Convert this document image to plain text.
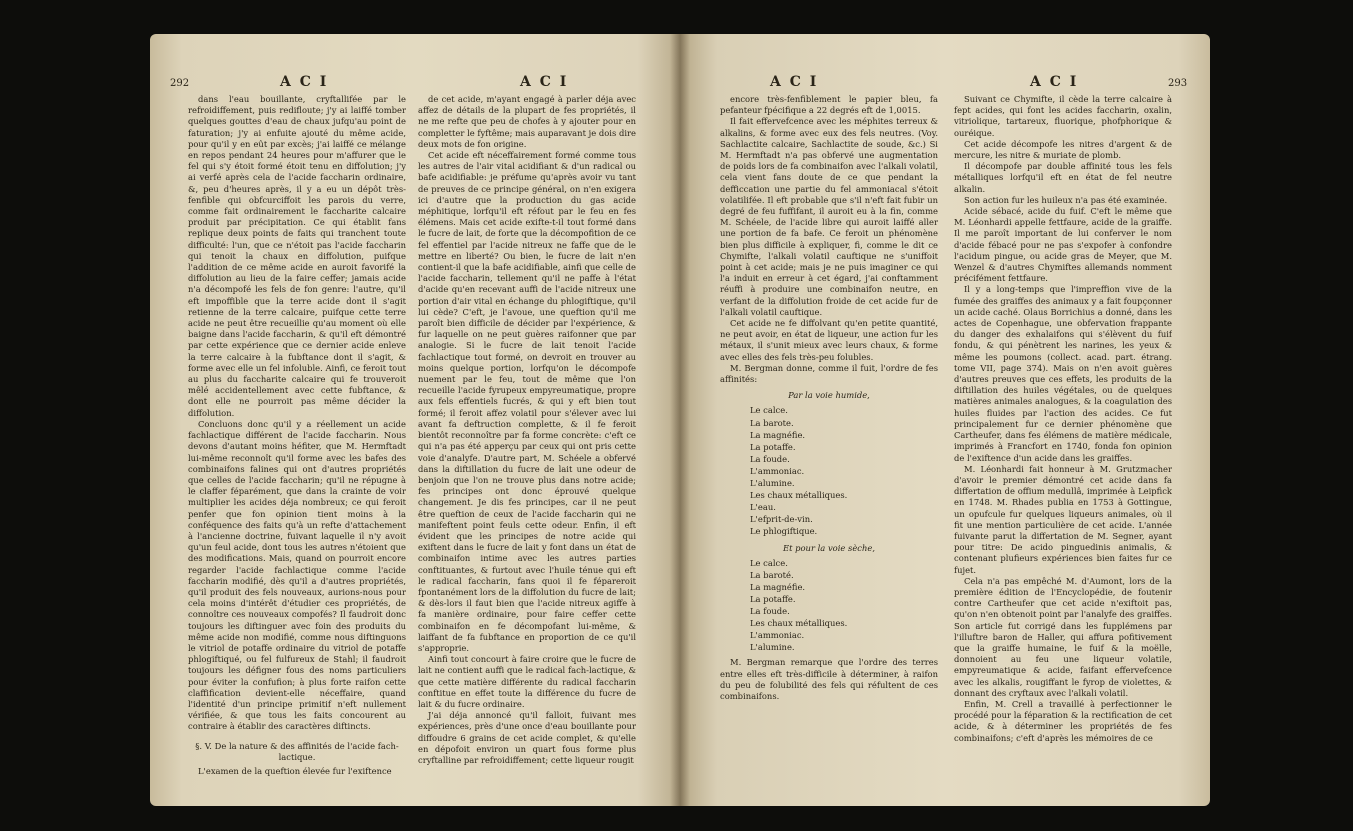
292	A C I	A C I

dans l'eau bouillante, cryftallifée par le refroidiffement, puis redifloute; j'y ai laiffé tomber quelques gouttes d'eau de chaux jufqu'au point de faturation; j'y ai enfuite ajouté du même acide, pour qu'il y en eût par excès; j'ai laiffé ce mélange en repos pendant 24 heures pour m'affurer que le fel qui s'y étoit formé étoit tenu en diffolution; j'y ai verfé après cela de l'acide faccharin ordinaire, &, peu d'heures après, il y a eu un dépôt très-fenfible qui obfcurciffoit les parois du verre, comme fait ordinairement le faccharite calcaire produit par précipitation. Ce qui établit fans replique deux points de faits qui tranchent toute difficulté: l'un, que ce n'étoit pas l'acide faccharin qui tenoit la chaux en diffolution, puifque l'addition de ce même acide en auroit favorifé la diffolution au lieu de la faire ceffer; jamais acide n'a décompofé les fels de fon genre: l'autre, qu'il eft impoffible que la terre acide dont il s'agit retienne de la terre calcaire, puifque cette terre acide ne peut être recueillie qu'au moment où elle baigne dans l'acide faccharin, & qu'il eft démontré par cette expérience que ce dernier acide enleve la terre calcaire à la fubftance dont il s'agit, & forme avec elle un fel infoluble. Ainfi, ce feroit tout au plus du faccharite calcaire qui fe trouveroit mêlé accidentellement avec cette fubftance, & dont elle ne pourroit pas même décider la diffolution.

Concluons donc qu'il y a réellement un acide fachlactique différent de l'acide faccharin. Nous devons d'autant moins héfiter, que M. Hermftadt lui-même reconnoît qu'il forme avec les bafes des combinaifons falines qui ont d'autres propriétés que celles de l'acide faccharin; qu'il ne répugne à le claffer féparément, que dans la crainte de voir multiplier les acides déja nombreux; ce qui feroit penfer que fon opinion tient moins à la conféquence des faits qu'à un refte d'attachement à l'ancienne doctrine, fuivant laquelle il n'y avoit qu'un feul acide, dont tous les autres n'étoient que des modifications. Mais, quand on pourroit encore regarder l'acide fachlactique comme l'acide faccharin modifié, dès qu'il a d'autres propriétés, qu'il produit des fels nouveaux, aurions-nous pour cela moins d'intérêt d'étudier ces propriétés, de connoître ces nouveaux compofés? Il faudroit donc toujours les diftinguer avec foin des produits du même acide non modifié, comme nous diftinguons le vitriol de potaffe ordinaire du vitriol de potaffe phlogiftiqué, ou fel fulfureux de Stahl; il faudroit toujours les défigner fous des noms particuliers pour éviter la confufion; à plus forte raifon cette claffification devient-elle néceffaire, quand l'identité d'un principe primitif n'eft nullement vérifiée, & que tous les faits concourent au contraire à établir des caractères diftincts.

§. V. De la nature & des affinités de l'acide fach-lactique.

L'examen de la queftion élevée fur l'exiftence

de cet acide, m'ayant engagé à parler déja avec affez de détails de la plupart de fes propriétés, il ne me refte que peu de chofes à y ajouter pour en completter le fyftême; mais auparavant je dois dire deux mots de fon origine.

Cet acide eft néceffairement formé comme tous les autres de l'air vital acidifiant & d'un radical ou bafe acidifiable: je préfume qu'après avoir vu tant de preuves de ce principe général, on n'en exigera ici d'autre que la production du gas acide méphitique, lorfqu'il eft réfout par le feu en fes élémens. Mais cet acide exifte-t-il tout formé dans le fucre de lait, de forte que la décompofition de ce fel effentiel par l'acide nitreux ne faffe que de le mettre en liberté? Ou bien, le fucre de lait n'en contient-il que la bafe acidifiable, ainfi que celle de l'acide faccharin, tellement qu'il ne paffe à l'état d'acide qu'en recevant auffi de l'acide nitreux une portion d'air vital en échange du phlogiftique, qu'il lui cède? C'eft, je l'avoue, une queftion qu'il me paroît bien difficile de décider par l'expérience, & fur laquelle on ne peut guères raifonner que par analogie. Si le fucre de lait tenoit l'acide fachlactique tout formé, on devroit en trouver au moins quelque portion, lorfqu'on le décompofe nuement par le feu, tout de même que l'on recueille l'acide fyrupeux empyreumatique, propre aux fels effentiels fucrés, & qui y eft bien tout formé; il feroit affez volatil pour s'élever avec lui avant fa deftruction complette, & il fe feroit bientôt reconnoître par fa forme concrète: c'eft ce qui n'a pas été apperçu par ceux qui ont pris cette voie d'analyfe. D'autre part, M. Schéele a obfervé dans la diftillation du fucre de lait une odeur de benjoin que l'on ne trouve plus dans notre acide; fes principes ont donc éprouvé quelque changement. Je dis fes principes, car il ne peut être queftion de ceux de l'acide faccharin qui ne manifeftent point feuls cette odeur. Enfin, il eft évident que les principes de notre acide qui exiftent dans le fucre de lait y font dans un état de combinaifon intime avec les autres parties conftituantes, & furtout avec l'huile ténue qui eft le radical faccharin, fans quoi il fe fépareroit fpontanément lors de la diffolution du fucre de lait; & dès-lors il faut bien que l'acide nitreux agiffe à fa manière ordinaire, pour faire ceffer cette combinaifon en fe décompofant lui-même, & laiffant de fa fubftance en proportion de ce qu'il s'approprie.

Ainfi tout concourt à faire croire que le fucre de lait ne contient auffi que le radical fach-lactique, & que cette matière différente du radical faccharin conftitue en effet toute la différence du fucre de lait & du fucre ordinaire.

J'ai déja annoncé qu'il falloit, fuivant mes expériences, près d'une once d'eau bouillante pour diffoudre 6 grains de cet acide complet, & qu'elle en dépofoit environ un quart fous forme plus cryftalline par refroidiffement; cette liqueur rougit

A C I	A C I	293

encore très-fenfiblement le papier bleu, fa pefanteur fpécifique a 22 degrés eft de 1,0015.

Il fait effervefcence avec les méphites terreux & alkalins, & forme avec eux des fels neutres. (Voy. Sachlactite calcaire, Sachlactite de soude, &c.) Si M. Hermftadt n'a pas obfervé une augmentation de poids lors de fa combinaifon avec l'alkali volatil, cela vient fans doute de ce que pendant la defficcation une partie du fel ammoniacal s'étoit volatilifée. Il eft probable que s'il n'eft fait fubir un degré de feu fuffifant, il auroit eu à la fin, comme M. Schéele, de l'acide libre qui auroit laiffé aller une portion de fa bafe. Ce feroit un phénomène bien plus difficile à expliquer, fi, comme le dit ce Chymifte, l'alkali volatil cauftique ne s'uniffoit point à cet acide; mais je ne puis imaginer ce qui l'a induit en erreur à cet égard, j'ai conftamment réuffi à produire une combinaifon neutre, en verfant de la diffolution froide de cet acide fur de l'alkali volatil cauftique.

Cet acide ne fe diffolvant qu'en petite quantité, ne peut avoir, en état de liqueur, une action fur les métaux, il s'unit mieux avec leurs chaux, & forme avec elles des fels très-peu folubles.

M. Bergman donne, comme il fuit, l'ordre de fes affinités:

Par la voie humide,
Le calce.
La barote.
La magnéfie.
La potaffe.
La foude.
L'ammoniac.
L'alumine.
Les chaux métalliques.
L'eau.
L'efprit-de-vin.
Le phlogiftique.
Et pour la voie sèche,
Le calce.
La baroté.
La magnéfie.
La potaffe.
La foude.
Les chaux métalliques.
L'ammoniac.
L'alumine.

M. Bergman remarque que l'ordre des terres entre elles eft très-difficile à déterminer, à raifon du peu de folubilité des fels qui réfultent de ces combinaifons.

Suivant ce Chymifte, il cède la terre calcaire à fept acides, qui font les acides faccharin, oxalin, vitriolique, tartareux, fluorique, phofphorique & ouréique.

Cet acide décompofe les nitres d'argent & de mercure, les nitre & muriate de plomb.

Il décompofe par double affinité tous les fels métalliques lorfqu'il eft en état de fel neutre alkalin.

Son action fur les huileux n'a pas été examinée.

Acide sébacé, acide du fuif. C'eft le même que M. Léonhardi appelle fettfaure, acide de la graiffe. Il me paroît important de lui conferver le nom d'acide fébacé pour ne pas s'expofer à confondre l'acidum pingue, ou acide gras de Meyer, que M. Wenzel & d'autres Chymiftes allemands nomment précifément fettfaure.

Il y a long-temps que l'impreffion vive de la fumée des graiffes des animaux y a fait foupçonner un acide caché. Olaus Borrichius a donné, dans les actes de Copenhague, une obfervation frappante du danger des exhalaifons qui s'élèvent du fuif fondu, & qui pénètrent les narines, les yeux & même les poumons (collect. acad. part. étrang. tome VII, page 374). Mais on n'en avoit guères d'autres preuves que ces effets, les produits de la diftillation des huiles végétales, ou de quelques matières animales analogues, & la coagulation des huiles fluides par l'action des acides. Ce fut principalement fur ce dernier phénomène que Cartheufer, dans fes élémens de matière médicale, imprimés à Francfort en 1740, fonda fon opinion de l'exiftence d'un acide dans les graiffes.

M. Léonhardi fait honneur à M. Grutzmacher d'avoir le premier démontré cet acide dans fa differtation de offium medullâ, imprimée à Leipfick en 1748. M. Rhades publia en 1753 à Gottingue, un opufcule fur quelques liqueurs animales, où il fit une mention particulière de cet acide. L'année fuivante parut la differtation de M. Segner, ayant pour titre: De acido pinguedinis animalis, & contenant plufieurs expériences bien faites fur ce fujet.

Cela n'a pas empêché M. d'Aumont, lors de la première édition de l'Encyclopédie, de foutenir contre Cartheufer que cet acide n'exiftoit pas, qu'on n'en obtenoit point par l'analyfe des graiffes. Son article fut corrigé dans les fupplémens par l'illuftre baron de Haller, qui affura pofitivement que la graiffe humaine, le fuif & la moëlle, donnoient au feu une liqueur volatile, empyreumatique & acide, faifant effervefcence avec les alkalis, rougiffant le fyrop de violettes, & donnant des cryftaux avec l'alkali volatil.

Enfin, M. Crell a travaillé à perfectionner le procédé pour la féparation & la rectification de cet acide, & à déterminer les propriétés de fes combinaifons; c'eft d'après les mémoires de ce
